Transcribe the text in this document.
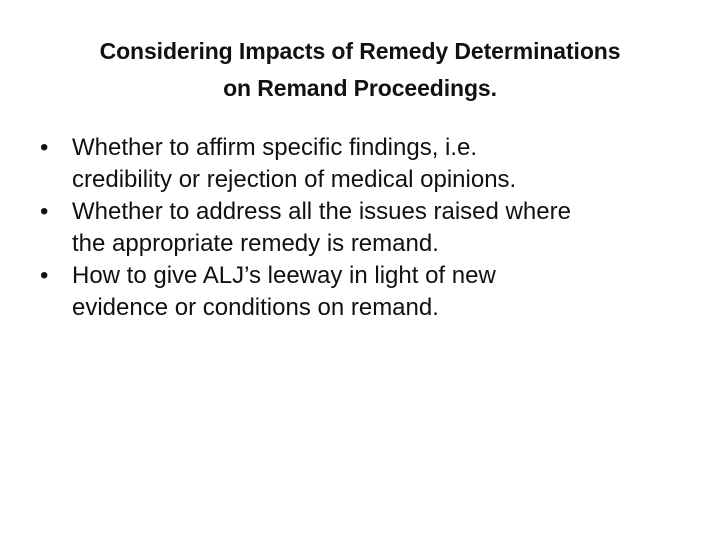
Considering Impacts of Remedy Determinations
on Remand Proceedings.
• Whether to affirm specific findings, i.e.
credibility or rejection of medical opinions.
• Whether to address all the issues raised where
the appropriate remedy is remand.
• How to give ALJ’s leeway in light of new
evidence or conditions on remand.
